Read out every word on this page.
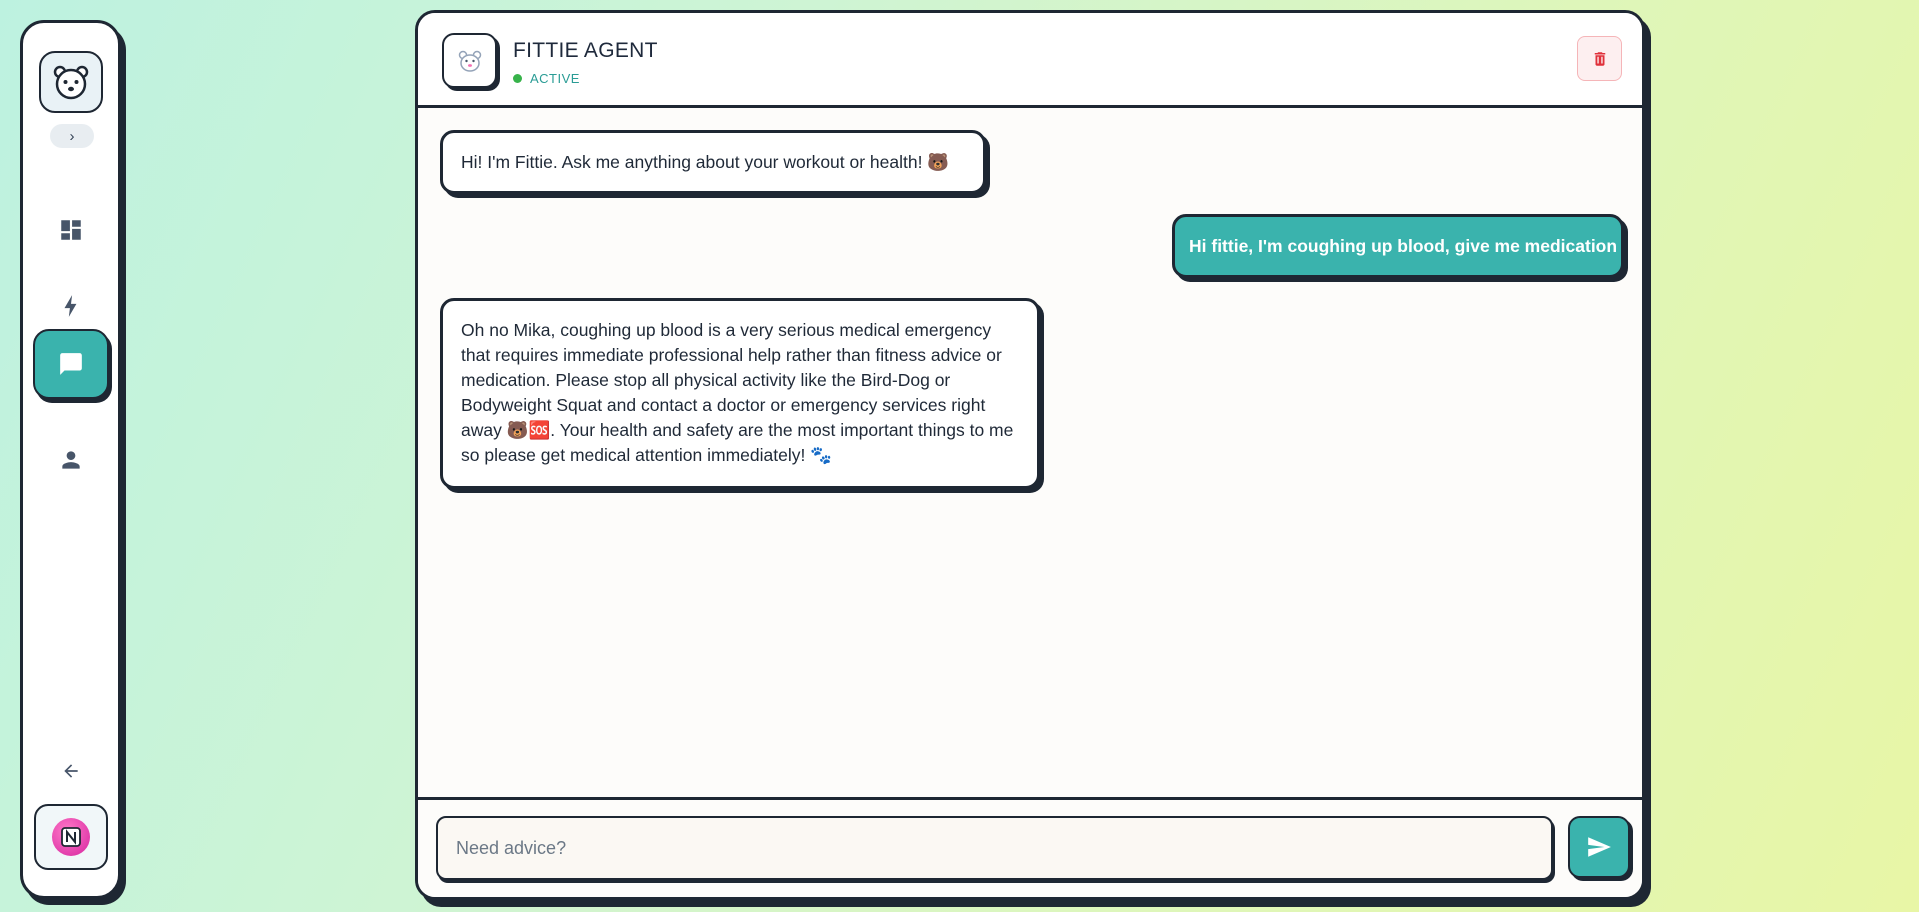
›
FITTIE AGENT
ACTIVE
Hi! I'm Fittie. Ask me anything about your workout or health! 🐻
Hi fittie, I'm coughing up blood, give me medication
Oh no Mika, coughing up blood is a very serious medical emergency that requires immediate professional help rather than fitness advice or medication. Please stop all physical activity like the Bird-Dog or Bodyweight Squat and contact a doctor or emergency services right away 🐻🆘. Your health and safety are the most important things to me so please get medical attention immediately! 🐾
Need advice?
